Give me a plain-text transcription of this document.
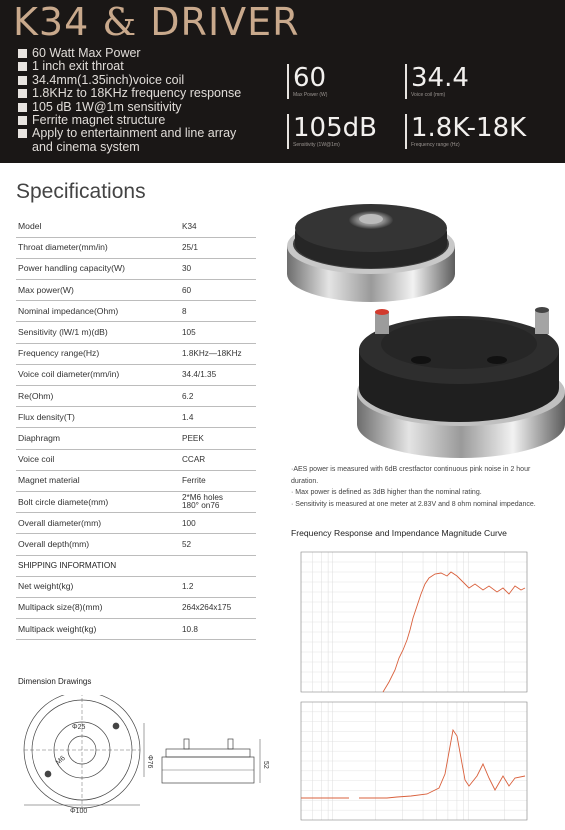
K34 & DRIVER
60 Watt Max Power
1 inch exit throat
34.4mm(1.35inch)voice coil
1.8KHz to 18KHz frequency response
105 dB 1W@1m sensitivity
Ferrite magnet structure
Apply to entertainment and line array
and cinema system
60
Max Power (W)
34.4
Voice coil (mm)
105dB
Sensitivity (1W@1m)
1.8K-18K
Frequency range (Hz)
Specifications
Model	K34
Throat diameter(mm/in)	25/1
Power handling capacity(W)	30
Max power(W)	60
Nominal impedance(Ohm)	8
Sensitivity (lW/1 m)(dB)	105
Frequency range(Hz)	1.8KHz—18KHz
Voice coil diameter(mm/in)	34.4/1.35
Re(Ohm)	6.2
Flux density(T)	1.4
Diaphragm	PEEK
Voice coil	CCAR
Magnet material	Ferrite
Bolt circle diamete(mm)	2*M6 holes
180° on76
Overall diameter(mm)	100
Overall depth(mm)	52
SHIPPING INFORMATION	
Net weight(kg)	1.2
Multipack size(8)(mm)	264x264x175
Multipack weight(kg)	10.8
·AES power is measured with 6dB crestfactor continuous pink noise in 2 hour
duration.
· Max power is defined as 3dB higher than the nominal rating.
· Sensitivity is measured at one meter at 2.83V and 8 ohm nominal impedance.
Frequency Response and Impendance Magnitude Curve
Dimension Drawings
Φ25
M6
Φ100
Φ76	52
